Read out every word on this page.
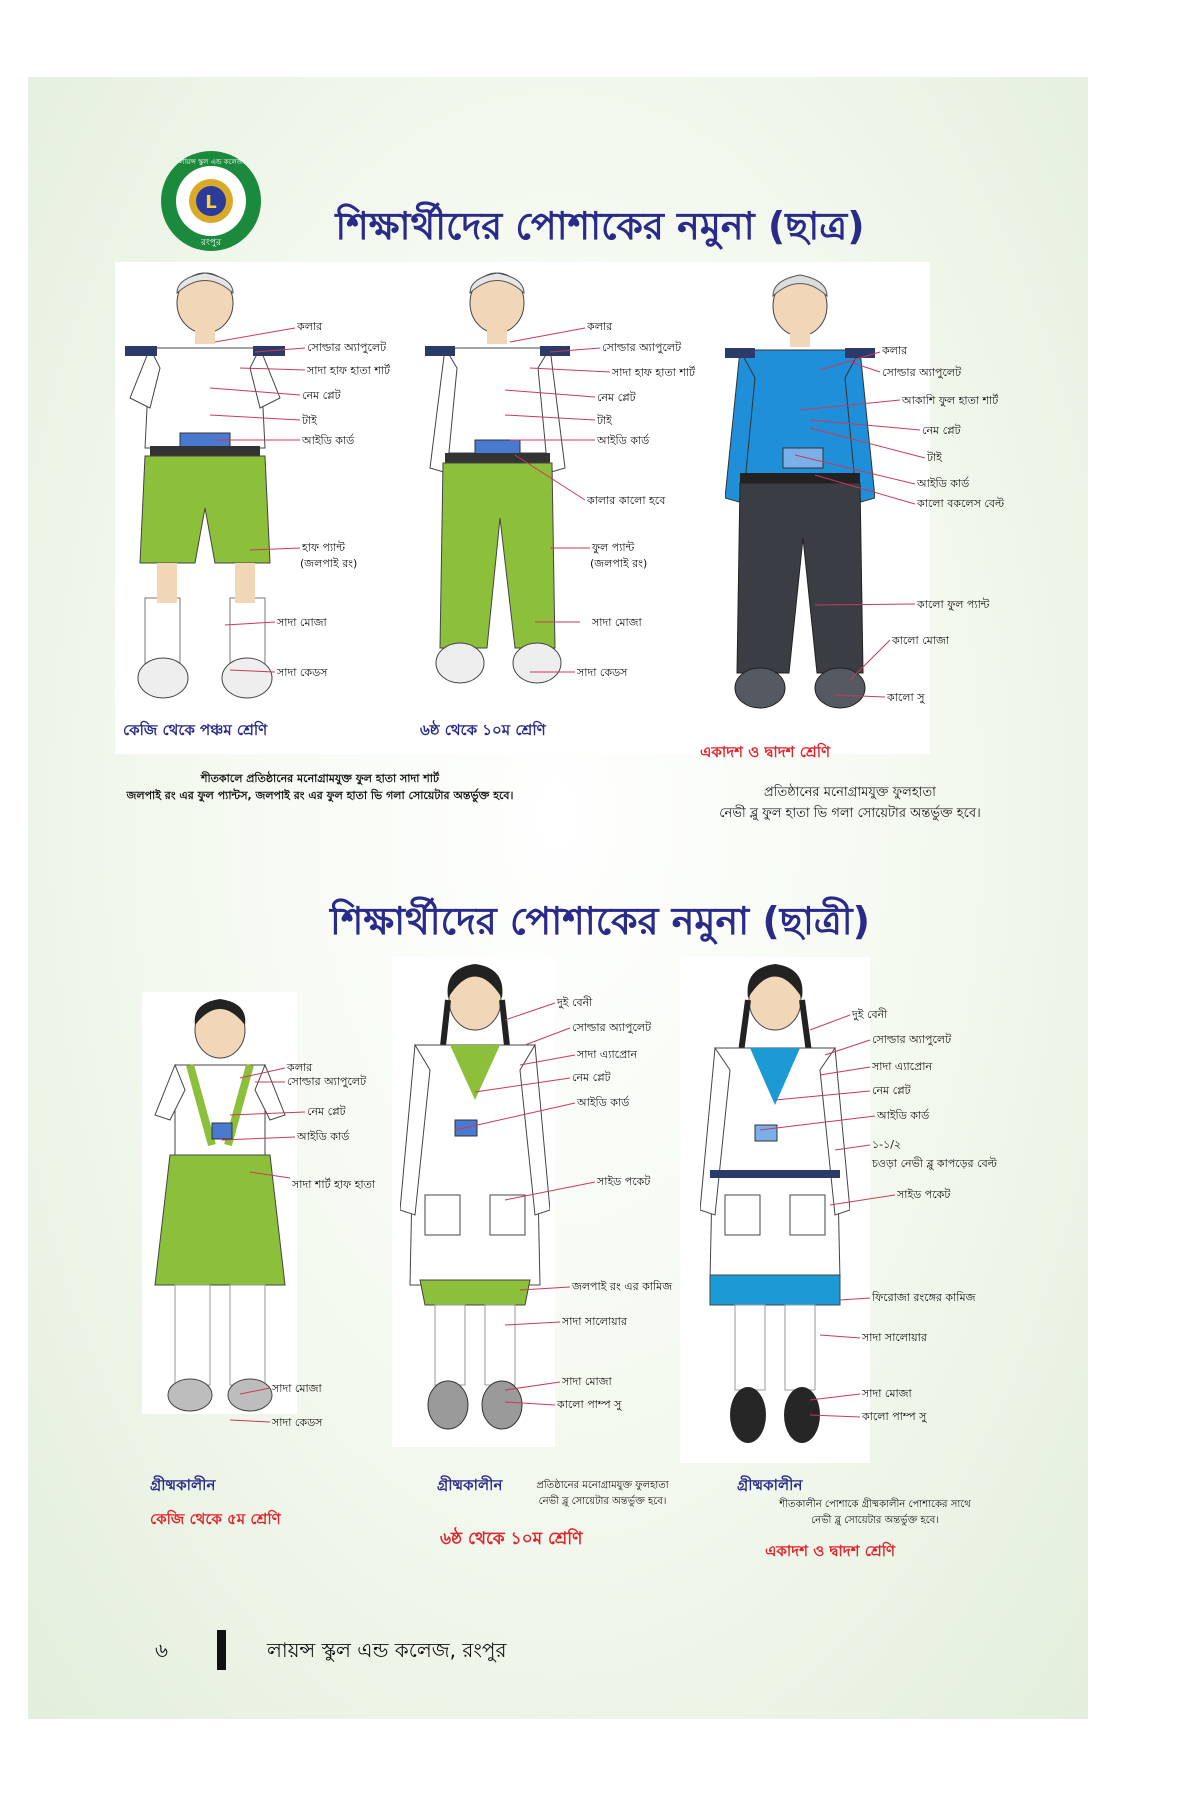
L
রংপুর
লায়ন্স স্কুল এন্ড কলেজ
শিক্ষার্থীদের পোশাকের নমুনা (ছাত্র)
কলার
সোল্ডার অ্যাপুলেট
সাদা হাফ হাতা শার্ট
নেম প্লেট
টাই
আইডি কার্ড
হাফ প্যান্ট
(জলপাই রং)
সাদা মোজা
সাদা কেডস
কলার
সোল্ডার অ্যাপুলেট
সাদা হাফ হাতা শার্ট
নেম প্লেট
টাই
আইডি কার্ড
কালার কালো হবে
ফুল প্যান্ট
(জলপাই রং)
সাদা মোজা
সাদা কেডস
কলার
সোল্ডার অ্যাপুলেট
আকাশি ফুল হাতা শার্ট
নেম প্লেট
টাই
আইডি কার্ড
কালো বকলেস বেল্ট
কালো ফুল প্যান্ট
কালো মোজা
কালো সু
কেজি থেকে পঞ্চম শ্রেণি	৬ষ্ঠ থেকে ১০ম শ্রেণি
একাদশ ও দ্বাদশ শ্রেণি
শীতকালে প্রতিষ্ঠানের মনোগ্রামযুক্ত ফুল হাতা সাদা শার্ট
জলপাই রং এর ফুল প্যান্টস, জলপাই রং এর ফুল হাতা ভি গলা সোয়েটার অন্তর্ভুক্ত হবে।	প্রতিষ্ঠানের মনোগ্রামযুক্ত ফুলহাতা
নেভী ব্লু ফুল হাতা ভি গলা সোয়েটার অন্তর্ভুক্ত হবে।
শিক্ষার্থীদের পোশাকের নমুনা (ছাত্রী)
কলার
সোল্ডার অ্যাপুলেট
নেম প্লেট
আইডি কার্ড
সাদা শার্ট হাফ হাতা
সাদা মোজা
সাদা কেডস
দুই বেনী
সোল্ডার অ্যাপুলেট
সাদা এ্যাপ্রোন
নেম প্লেট
আইডি কার্ড
সাইড পকেট
জলপাই রং এর কামিজ
সাদা সালোয়ার
সাদা মোজা
কালো পাম্প সু
দুই বেনী
সোল্ডার অ্যাপুলেট
সাদা এ্যাপ্রোন
নেম প্লেট
আইডি কার্ড
১-১/২
চওড়া নেভী ব্লু কাপড়ের বেল্ট
সাইড পকেট
ফিরোজা রংঙ্গের কামিজ
সাদা সালোয়ার
সাদা মোজা
কালো পাম্প সু
গ্রীষ্মকালীন
কেজি থেকে ৫ম শ্রেণি
গ্রীষ্মকালীন	প্রতিষ্ঠানের মনোগ্রামযুক্ত ফুলহাতা
নেভী ব্লু সোয়েটার অন্তর্ভুক্ত হবে।
৬ষ্ঠ থেকে ১০ম শ্রেণি
গ্রীষ্মকালীন
শীতকালীন পোশাকে গ্রীষ্মকালীন পোশাকের সাথে
নেভী ব্লু সোয়েটার অন্তর্ভুক্ত হবে।
একাদশ ও দ্বাদশ শ্রেণি
৬	লায়ন্স স্কুল এন্ড কলেজ, রংপুর
